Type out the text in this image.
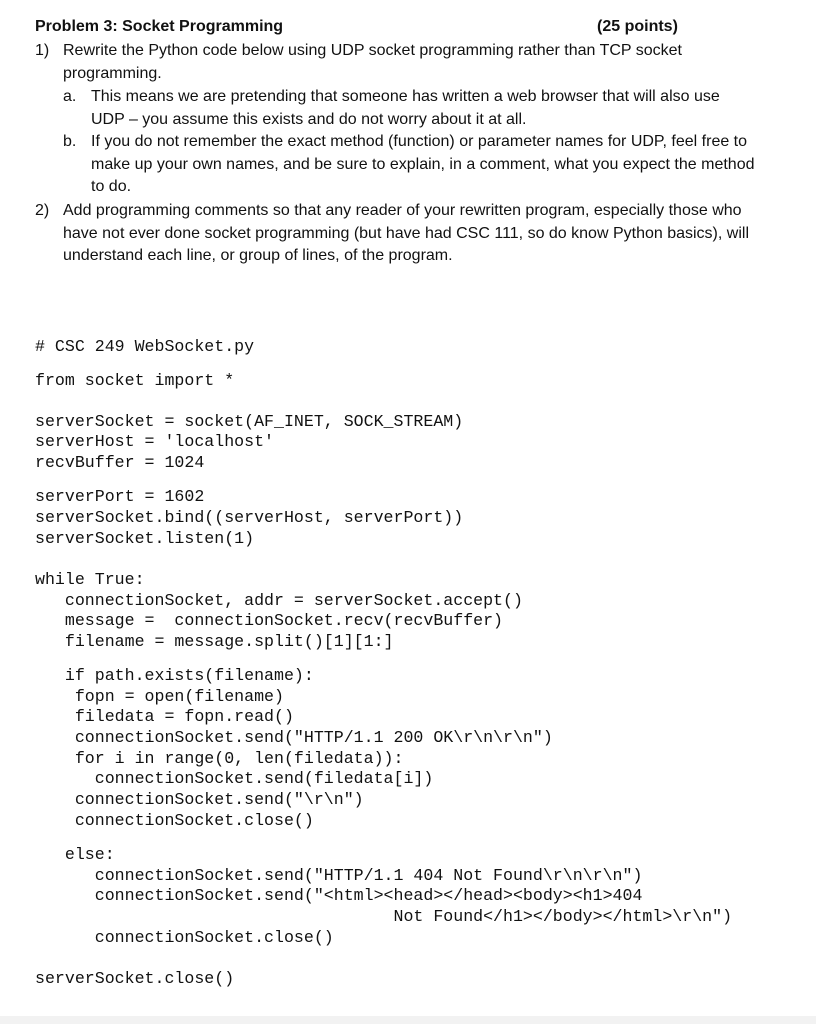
Problem 3: Socket Programming	(25 points)
1) Rewrite the Python code below using UDP socket programming rather than TCP socket programming.
a. This means we are pretending that someone has written a web browser that will also use UDP – you assume this exists and do not worry about it at all.
b. If you do not remember the exact method (function) or parameter names for UDP, feel free to make up your own names, and be sure to explain, in a comment, what you expect the method to do.
2) Add programming comments so that any reader of your rewritten program, especially those who have not ever done socket programming (but have had CSC 111, so do know Python basics), will understand each line, or group of lines, of the program.

# CSC 249 WebSocket.py

from socket import *

serverSocket = socket(AF_INET, SOCK_STREAM)

serverHost = 'localhost'

recvBuffer = 1024

serverPort = 1602

serverSocket.bind((serverHost, serverPort))

serverSocket.listen(1)

while True:

connectionSocket, addr = serverSocket.accept()

message =  connectionSocket.recv(recvBuffer)

filename = message.split()[1][1:]

if path.exists(filename):

fopn = open(filename)

filedata = fopn.read()

connectionSocket.send("HTTP/1.1 200 OK\r\n\r\n")

for i in range(0, len(filedata)):

connectionSocket.send(filedata[i])

connectionSocket.send("\r\n")

connectionSocket.close()

else:

connectionSocket.send("HTTP/1.1 404 Not Found\r\n\r\n")

connectionSocket.send("<html><head></head><body><h1>404

Not Found</h1></body></html>\r\n")

connectionSocket.close()

serverSocket.close()
